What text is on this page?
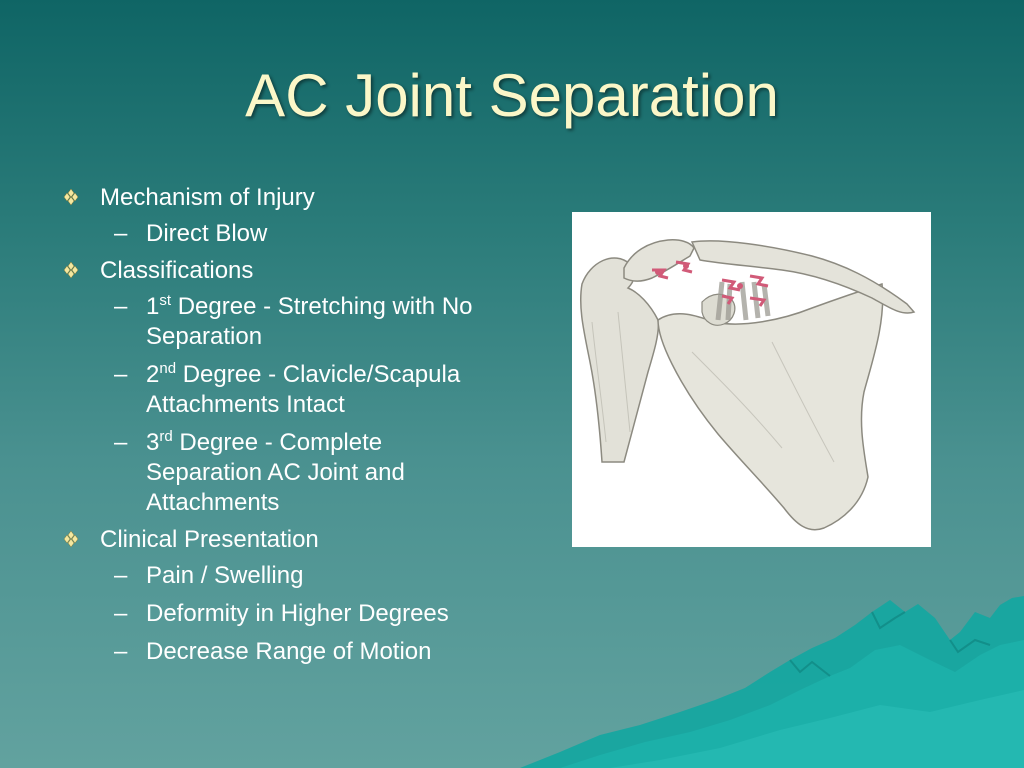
AC Joint Separation
Mechanism of Injury
– Direct Blow
Classifications
– 1st Degree - Stretching with No Separation
– 2nd Degree - Clavicle/Scapula Attachments Intact
– 3rd Degree - Complete Separation AC Joint and Attachments
Clinical Presentation
– Pain / Swelling
– Deformity in Higher Degrees
– Decrease Range of Motion
